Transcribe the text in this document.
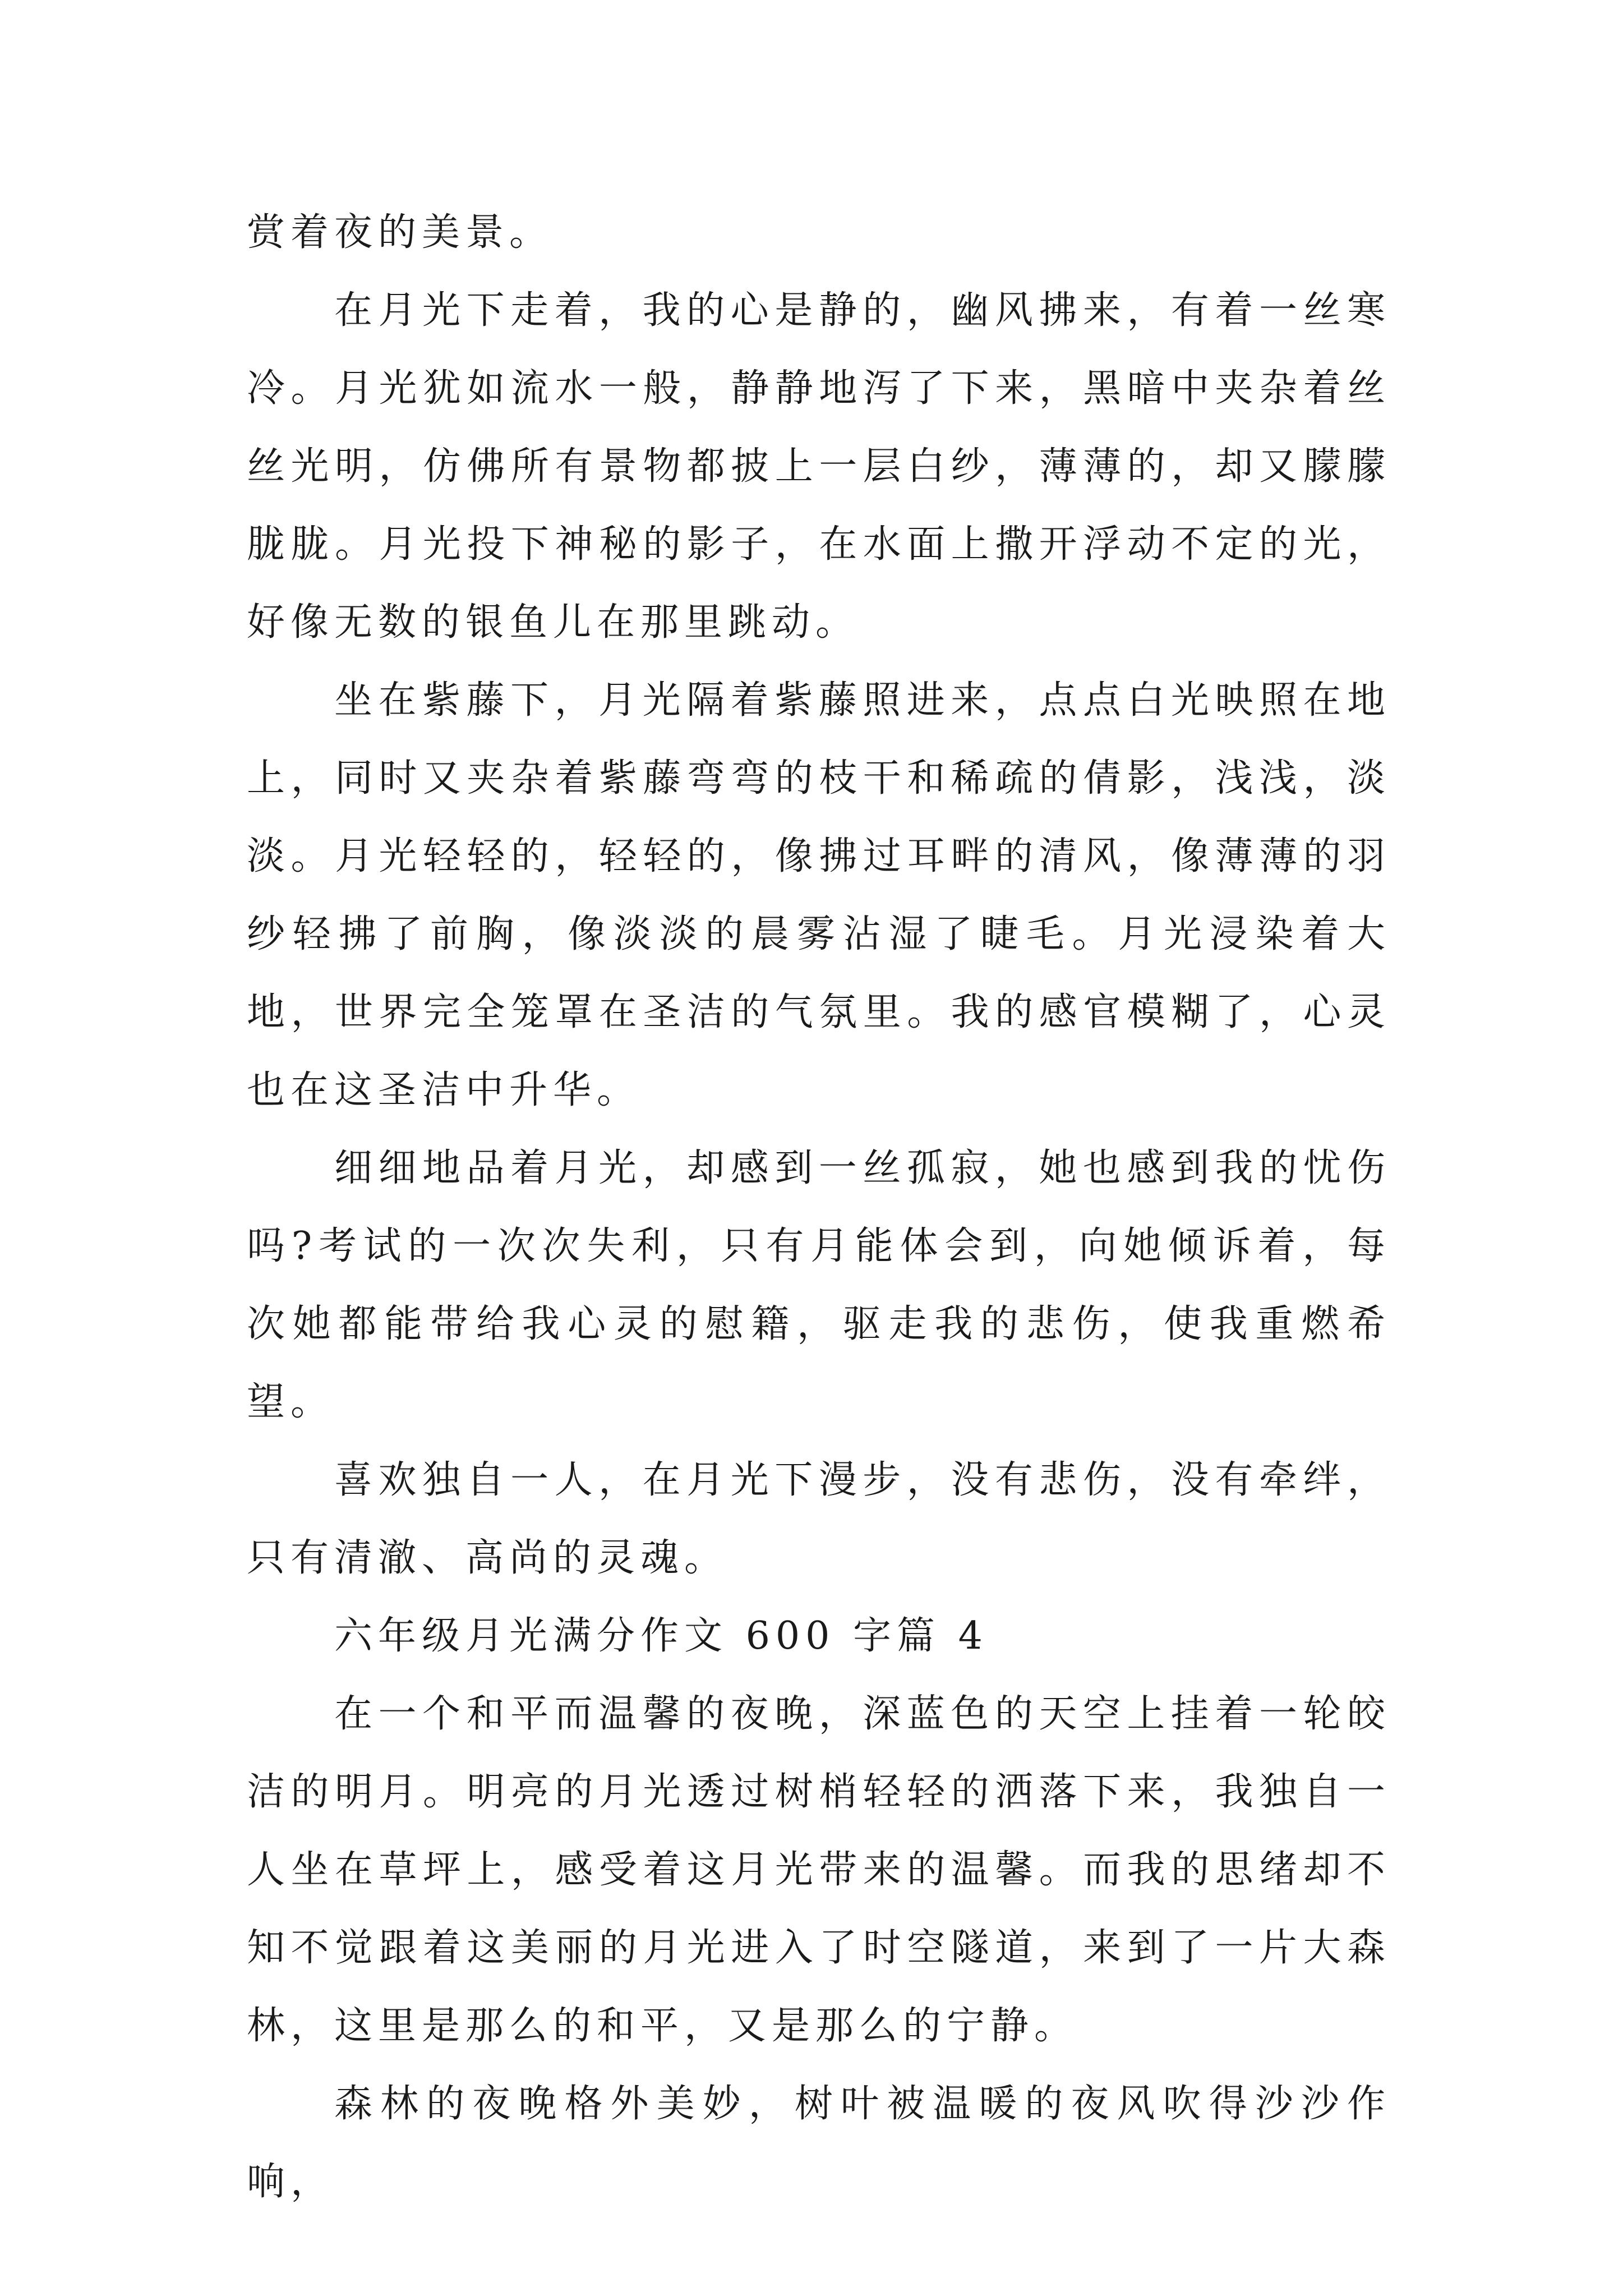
赏着夜的美景。

在月光下走着，我的心是静的，幽风拂来，有着一丝寒冷。月光犹如流水一般，静静地泻了下来，黑暗中夹杂着丝丝光明，仿佛所有景物都披上一层白纱，薄薄的，却又朦朦胧胧。月光投下神秘的影子，在水面上撒开浮动不定的光，好像无数的银鱼儿在那里跳动。

坐在紫藤下，月光隔着紫藤照进来，点点白光映照在地上，同时又夹杂着紫藤弯弯的枝干和稀疏的倩影，浅浅，淡淡。月光轻轻的，轻轻的，像拂过耳畔的清风，像薄薄的羽纱轻拂了前胸，像淡淡的晨雾沾湿了睫毛。月光浸染着大地，世界完全笼罩在圣洁的气氛里。我的感官模糊了，心灵也在这圣洁中升华。

细细地品着月光，却感到一丝孤寂，她也感到我的忧伤吗?考试的一次次失利，只有月能体会到，向她倾诉着，每次她都能带给我心灵的慰籍，驱走我的悲伤，使我重燃希望。

喜欢独自一人，在月光下漫步，没有悲伤，没有牵绊，只有清澈、高尚的灵魂。

六年级月光满分作文 600 字篇 4

在一个和平而温馨的夜晚，深蓝色的天空上挂着一轮皎洁的明月。明亮的月光透过树梢轻轻的洒落下来，我独自一人坐在草坪上，感受着这月光带来的温馨。而我的思绪却不知不觉跟着这美丽的月光进入了时空隧道，来到了一片大森林，这里是那么的和平，又是那么的宁静。

森林的夜晚格外美妙，树叶被温暖的夜风吹得沙沙作响，
